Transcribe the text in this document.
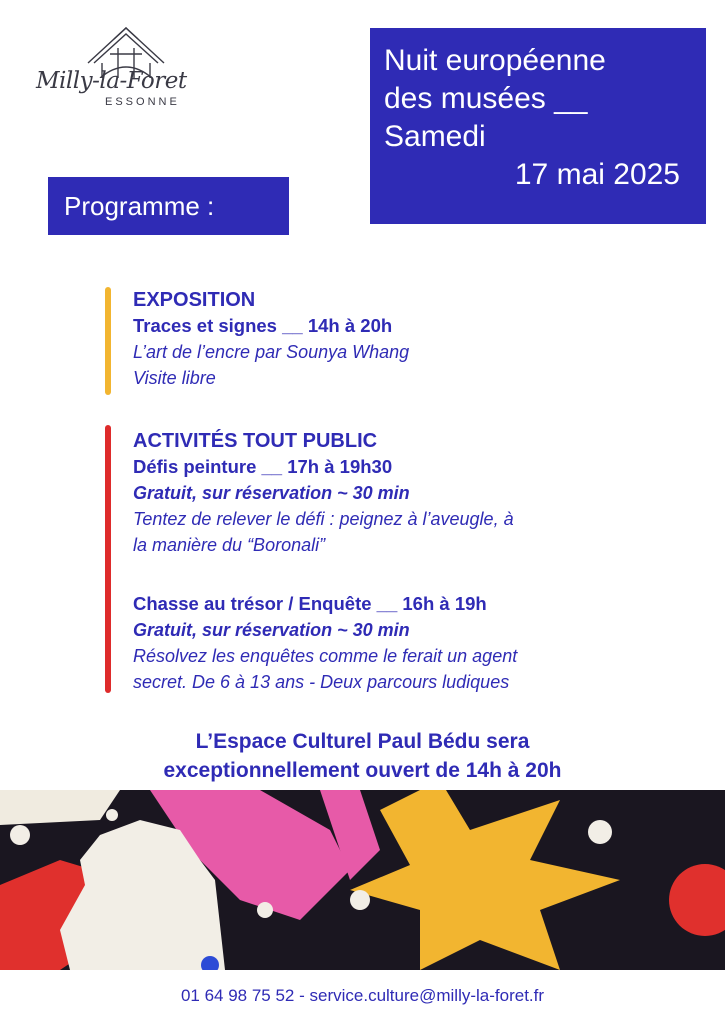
Milly-la-Foret
ESSONNE
Nuit européenne
des musées __
Samedi
17 mai 2025
Programme :
EXPOSITION
Traces et signes __ 14h à 20h
L’art de l’encre par Sounya Whang
Visite libre
ACTIVITÉS TOUT PUBLIC
Défis peinture __ 17h à 19h30
Gratuit, sur réservation ~ 30 min
Tentez de relever le défi : peignez à l’aveugle, à
la manière du “Boronali”
Chasse au trésor / Enquête __ 16h à 19h
Gratuit, sur réservation ~ 30 min
Résolvez les enquêtes comme le ferait un agent
secret. De 6 à 13 ans - Deux parcours ludiques
L’Espace Culturel Paul Bédu sera
exceptionnellement ouvert de 14h à 20h
01 64 98 75 52 - service.culture@milly-la-foret.fr
